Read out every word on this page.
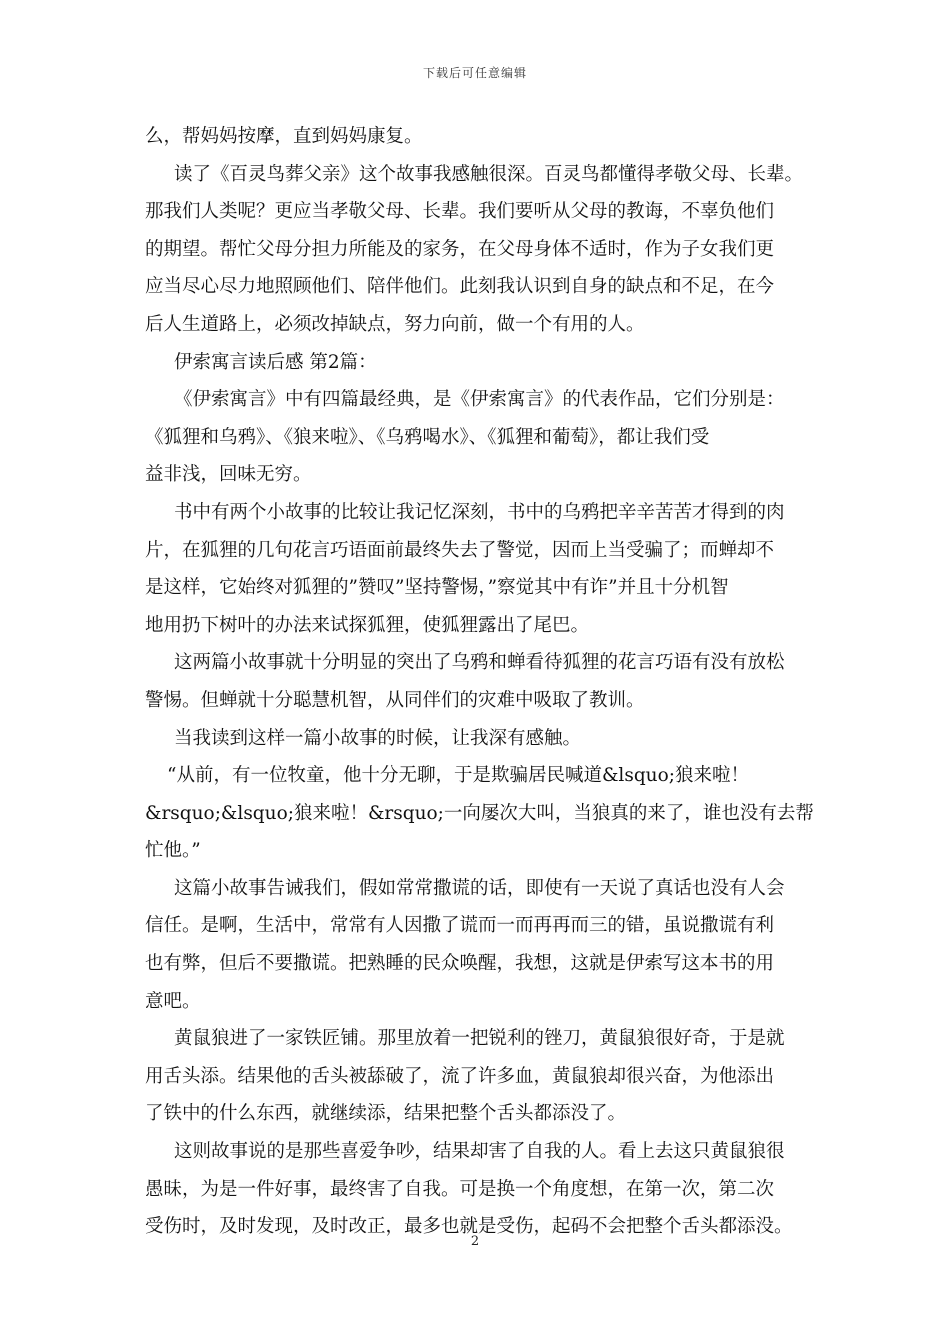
下载后可任意编辑

么，帮妈妈按摩，直到妈妈康复。

读了《百灵鸟葬父亲》这个故事我感触很深。百灵鸟都懂得孝敬父母、长辈。

那我们人类呢？更应当孝敬父母、长辈。我们要听从父母的教诲，不辜负他们

的期望。帮忙父母分担力所能及的家务，在父母身体不适时，作为子女我们更

应当尽心尽力地照顾他们、陪伴他们。此刻我认识到自身的缺点和不足，在今

后人生道路上，必须改掉缺点，努力向前，做一个有用的人。

伊索寓言读后感 第2篇：

《伊索寓言》中有四篇最经典，是《伊索寓言》的代表作品，它们分别是：

《狐狸和乌鸦》、《狼来啦》、《乌鸦喝水》、《狐狸和葡萄》，都让我们受

益非浅，回味无穷。

书中有两个小故事的比较让我记忆深刻，书中的乌鸦把辛辛苦苦才得到的肉

片，在狐狸的几句花言巧语面前最终失去了警觉，因而上当受骗了；而蝉却不

是这样，它始终对狐狸的”赞叹”坚持警惕，”察觉其中有诈”并且十分机智

地用扔下树叶的办法来试探狐狸，使狐狸露出了尾巴。

这两篇小故事就十分明显的突出了乌鸦和蝉看待狐狸的花言巧语有没有放松

警惕。但蝉就十分聪慧机智，从同伴们的灾难中吸取了教训。

当我读到这样一篇小故事的时候，让我深有感触。

“从前，有一位牧童，他十分无聊，于是欺骗居民喊道&lsquo;狼来啦！

&rsquo;&lsquo;狼来啦！&rsquo;一向屡次大叫，当狼真的来了，谁也没有去帮

忙他。”

这篇小故事告诫我们，假如常常撒谎的话，即使有一天说了真话也没有人会

信任。是啊，生活中，常常有人因撒了谎而一而再再而三的错，虽说撒谎有利

也有弊，但后不要撒谎。把熟睡的民众唤醒，我想，这就是伊索写这本书的用

意吧。

黄鼠狼进了一家铁匠铺。那里放着一把锐利的锉刀，黄鼠狼很好奇，于是就

用舌头添。结果他的舌头被舔破了，流了许多血，黄鼠狼却很兴奋，为他添出

了铁中的什么东西，就继续添，结果把整个舌头都添没了。

这则故事说的是那些喜爱争吵，结果却害了自我的人。看上去这只黄鼠狼很

愚昧，为是一件好事，最终害了自我。可是换一个角度想，在第一次，第二次

受伤时，及时发现，及时改正，最多也就是受伤，起码不会把整个舌头都添没。

2
